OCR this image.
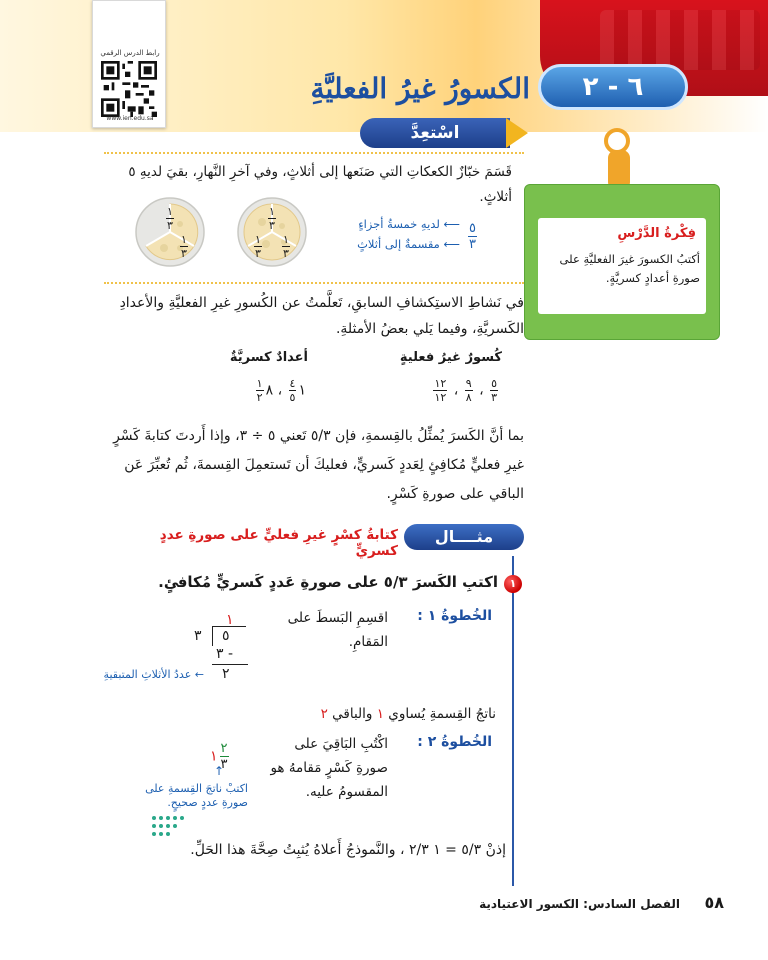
٦ - ٢
الكسورُ غيرُ الفعليَّةِ
رابط الدرس الرقمي
www.ien.edu.sa
اسْتعِدَّ
قَسَمَ خبّازٌ الكعكاتِ التي صَنَعها إلى أثلاثٍ، وفي آخرِ النَّهارِ، بقيَ لديهِ ٥ أثلاثٍ.
١
٣
١
٣
١
٣
١
٣
١
٣
٥
٣
⟵ لديهِ خمسةُ أجزاءٍ
⟵ مقسمةٌ إلى أثلاثٍ
فِكْرةُ الدَّرْسِ
أكتبُ الكسورَ غيرَ الفعليَّةِ على صورةِ أعدادٍ كسريَّةٍ.
في نَشاطِ الاستِكشافِ السابقِ، تَعلَّمتُ عن الكُسورِ غيرِ الفعليَّةِ والأعدادِ الكَسريَّةِ، وفيما يَلي بعضُ الأمثلةِ.
كُسورٌ غيرُ فعليةٍ
أعدادٌ كسريَّةٌ
$\frac{٥}{٣}$
،
$\frac{٩}{٨}$
،
$\frac{١٢}{١٢}$
١
$\frac{٤}{٥}$
، ٨
$\frac{١}{٢}$
بما أنَّ الكَسرَ يُمثِّلُ بالقِسمةِ، فإن ٥/٣ تَعني ٥ ÷ ٣، وإذا أَردتَ كتابةَ كَسْرٍ غيرِ فعليٍّ مُكافِئٍ لِعَددٍ كَسريٍّ، فعليكَ أن تَستعمِلَ القِسمةَ، ثُم تُعبِّرَ عَن الباقي على صورةِ كَسْرٍ.
مثــــال
كتابةُ كسْرٍ غيرِ فعليٍّ على صورةِ عددٍ كسريٍّ
١
اكتبِ الكَسرَ ٥/٣ على صورةِ عَددٍ كَسريٍّ مُكافئٍ.
الخُطوةُ ١ :
اقسِمِ البَسطَ على المَقامِ.
١
٣ ٥
٣ -
٢
← عددُ الأثلاثِ المتبقيةِ
ناتجُ القِسمةِ يُساوي ١ والباقي ٢
الخُطوةُ ٢ :
اكْتُبِ البَاقِيَ على صورةِ كَسْرٍ مَقامهُ هو المقسومُ عليه.
١ $\frac{٢}{٣}$
↑
اكتبْ ناتجَ القِسمةِ على صورةِ عددٍ صحيحٍ.
إذنْ ٥/٣ = ١ ٢/٣ ، والنَّموذجُ أَعلاهُ يُثبِتُ صِحَّةَ هذا الحَلِّ.
٥٨
الفصل السادس: الكسور الاعتيادية
